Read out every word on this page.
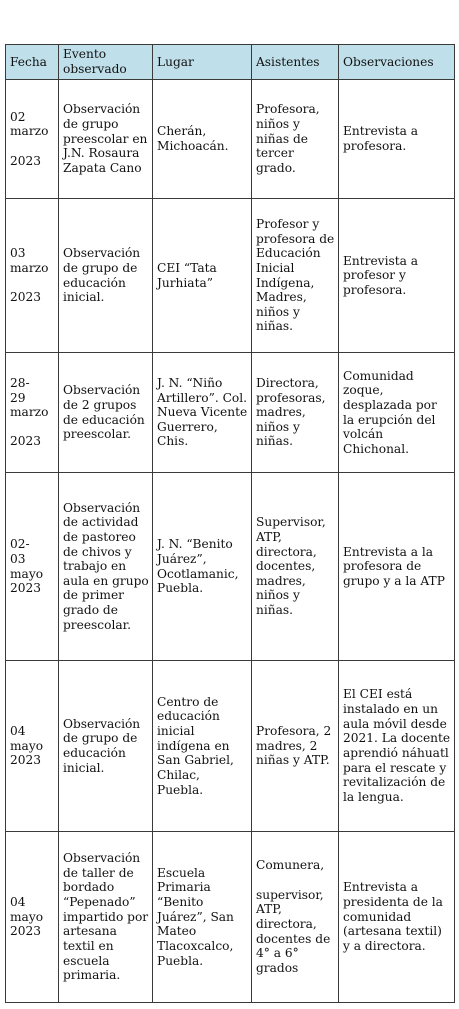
Fecha	Evento observado	Lugar	Asistentes	Observaciones
02
marzo

2023	Observación de grupo preescolar en J.N. Rosaura Zapata Cano	Cherán, Michoacán.	Profesora, niños y niñas de tercer grado.	Entrevista a profesora.
03
marzo

2023	Observación de grupo de educación inicial.	CEI “Tata Jurhiata”	Profesor y profesora de Educación Inicial Indígena, Madres, niños y niñas.	Entrevista a profesor y profesora.
28-
29
marzo

2023	Observación de 2 grupos de educación preescolar.	J. N. “Niño Artillero”. Col. Nueva Vicente Guerrero, Chis.	Directora, profesoras, madres, niños y niñas.	Comunidad zoque, desplazada por la erupción del volcán Chichonal.
02-
03
mayo
2023	Observación de actividad de pastoreo de chivos y trabajo en aula en grupo de primer grado de preescolar.	J. N. “Benito Juárez”, Ocotlamanic, Puebla.	Supervisor, ATP, directora, docentes, madres, niños y niñas.	Entrevista a la profesora de grupo y a la ATP
04
mayo
2023	Observación de grupo de educación inicial.	Centro de educación inicial indígena en San Gabriel, Chilac, Puebla.	Profesora, 2 madres, 2 niñas y ATP.	El CEI está instalado en un aula móvil desde 2021. La docente aprendió náhuatl para el rescate y revitalización de la lengua.
04
mayo
2023	Observación de taller de bordado “Pepenado” impartido por artesana textil en escuela primaria.	Escuela Primaria “Benito Juárez”, San Mateo Tlacoxcalco, Puebla.	Comunera,

supervisor, ATP, directora, docentes de 4° a 6° grados	Entrevista a presidenta de la comunidad (artesana textil) y a directora.
